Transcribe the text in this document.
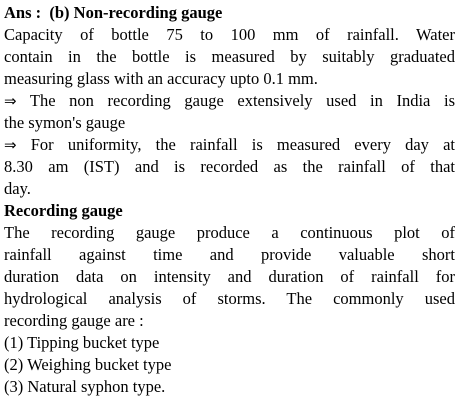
Ans : (b) Non-recording gauge
Capacity of bottle 75 to 100 mm of rainfall. Water
contain in the bottle is measured by suitably graduated
measuring glass with an accuracy upto 0.1 mm.
⇒ The non recording gauge extensively used in India is
the symon's gauge
⇒ For uniformity, the rainfall is measured every day at
8.30 am (IST) and is recorded as the rainfall of that
day.
Recording gauge
The recording gauge produce a continuous plot of
rainfall against time and provide valuable short
duration data on intensity and duration of rainfall for
hydrological analysis of storms. The commonly used
recording gauge are :
(1) Tipping bucket type
(2) Weighing bucket type
(3) Natural syphon type.
